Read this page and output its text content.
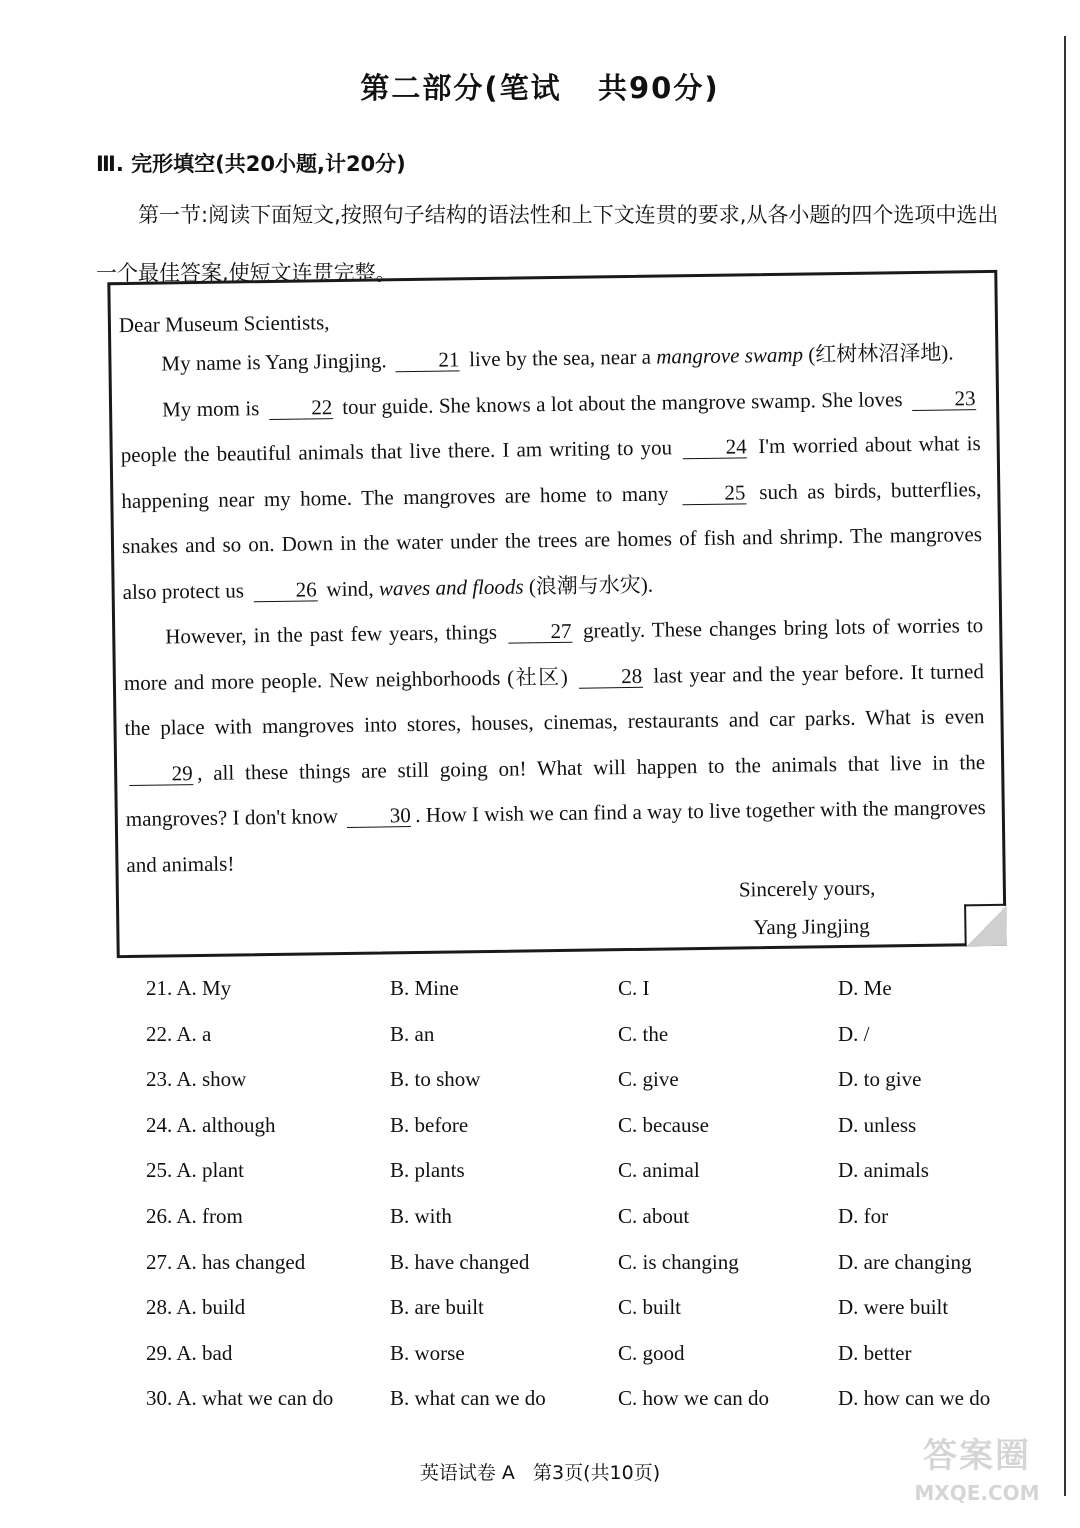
第二部分(笔试   共90分)
Ⅲ. 完形填空(共20小题,计20分)
第一节:阅读下面短文,按照句子结构的语法性和上下文连贯的要求,从各小题的四个选项中选出一个最佳答案,使短文连贯完整。
Dear Museum Scientists,

My name is Yang Jingjing. 21 live by the sea, near a mangrove swamp (红树林沼泽地).

My mom is 22 tour guide. She knows a lot about the mangrove swamp. She loves 23 people the beautiful animals that live there. I am writing to you 24 I'm worried about what is happening near my home. The mangroves are home to many 25 such as birds, butterflies, snakes and so on. Down in the water under the trees are homes of fish and shrimp. The mangroves also protect us 26 wind, waves and floods (浪潮与水灾).

However, in the past few years, things 27 greatly. These changes bring lots of worries to more and more people. New neighborhoods (社区) 28 last year and the year before. It turned the place with mangroves into stores, houses, cinemas, restaurants and car parks. What is even 29 , all these things are still going on! What will happen to the animals that live in the mangroves? I don't know 30 . How I wish we can find a way to live together with the mangroves and animals!

Sincerely yours,
Yang Jingjing
21. A. My	B. Mine	C. I	D. Me
22. A. a	B. an	C. the	D. /
23. A. show	B. to show	C. give	D. to give
24. A. although	B. before	C. because	D. unless
25. A. plant	B. plants	C. animal	D. animals
26. A. from	B. with	C. about	D. for
27. A. has changed	B. have changed	C. is changing	D. are changing
28. A. build	B. are built	C. built	D. were built
29. A. bad	B. worse	C. good	D. better
30. A. what we can do	B. what can we do	C. how we can do	D. how can we do
英语试卷 A   第3页(共10页)	答案圈
MXQE.COM
